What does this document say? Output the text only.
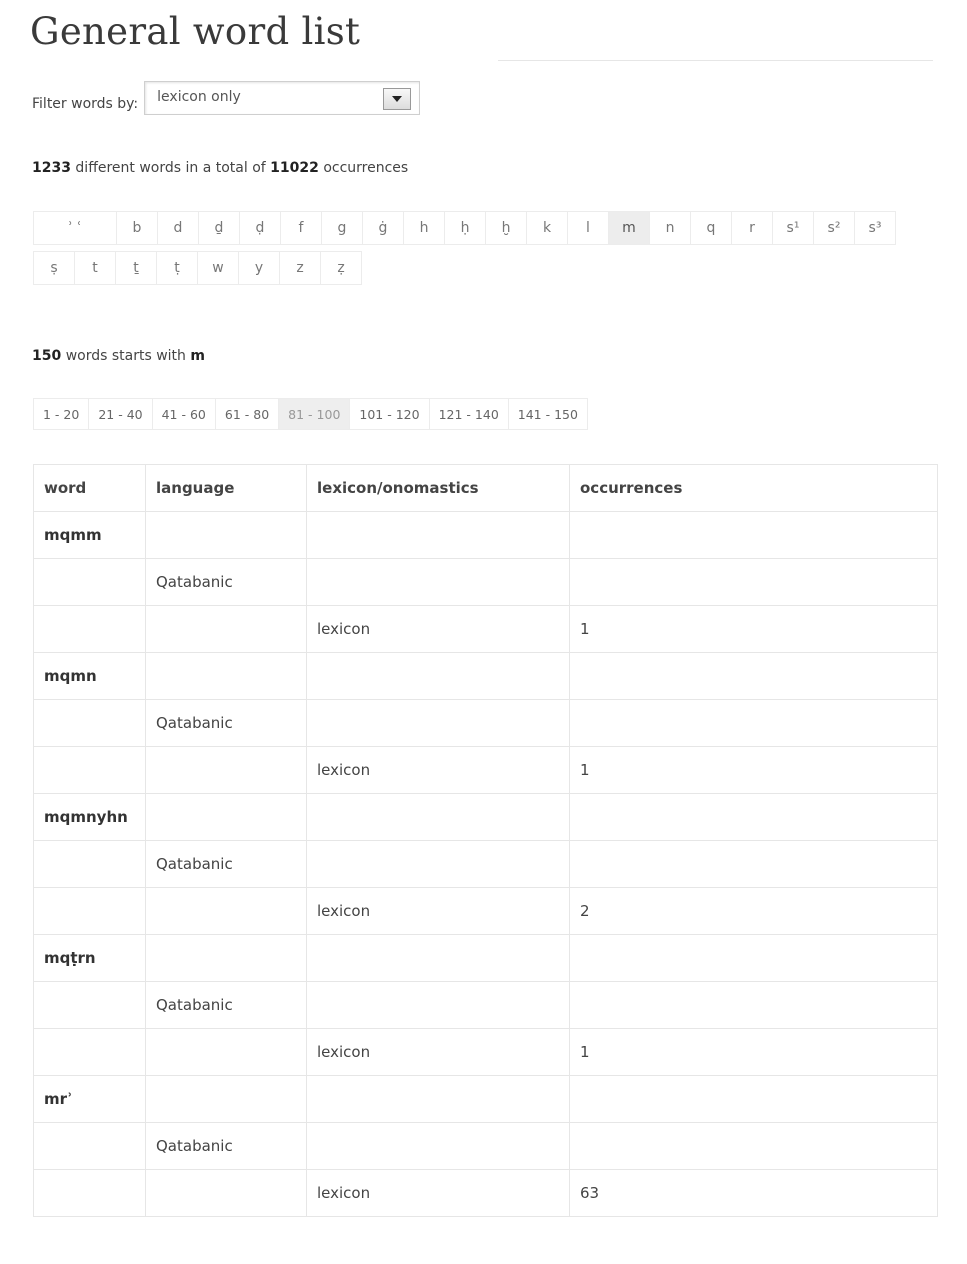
General word list
Filter words by: lexicon only
1233 different words in a total of 11022 occurrences
ʾ ʿ	b	d	ḏ	ḍ	f	g	ġ	h	ḥ	ḫ	k	l	m	n	q	r	s¹	s²	s³
ṣ	t	ṯ	ṭ	w	y	z	ẓ
150 words starts with m
1 - 20	21 - 40	41 - 60	61 - 80	81 - 100	101 - 120	121 - 140	141 - 150
word	language	lexicon/onomastics	occurrences
mqmm			
	Qatabanic		
		lexicon	1
mqmn			
	Qatabanic		
		lexicon	1
mqmnyhn			
	Qatabanic		
		lexicon	2
mqṭrn			
	Qatabanic		
		lexicon	1
mrʾ			
	Qatabanic		
		lexicon	63
